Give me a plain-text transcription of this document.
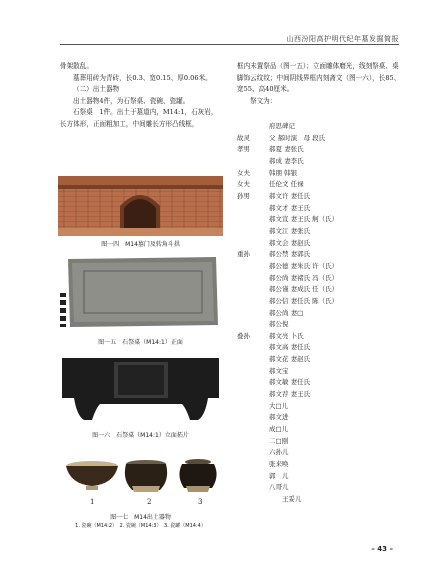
山西汾阳高护明代纪年墓发掘简报

骨架散乱。

墓葬用砖为青砖，长0.3、宽0.15、厚0.06米。

（二）出土器物

出土器物4件，为石祭桌、瓷碗、瓷罐。

石祭桌　1件。出土于墓道内，M14:1，石灰岩，长方体形，正面粗加工，中间雕长方形凸线框，

图一四　M14墓门及转角斗拱
图一五　石祭桌（M14:1）正面
图一六　石祭桌（M14:1）立面拓片
1	2	3
图一七　M14出土器物
1. 瓷碗（M14:2）　2. 瓷碗（M14:3）　3. 瓷罐（M14:4）

框内未置祭品（图一五）；立面雕体磨光，线刻祭桌、桌脚饰云纹纹；中间阴线界框内刻斋文（图一六），长85、宽55、高40厘米。

祭文为：

府思碑记
故灵	父 郝时演　母 段氏
孝男	郝夏 妻张氏
郝成 妻李氏
女夫	韩朋 韩银
女夫	任伦文 任禄
孙男	郝文许 妻任氏
郝文才 妻王氏
郝文宣 妻王氏 舸（氏）
郝文江 妻张氏
郝文会 妻赵氏
重孙	郝公禁 妻郭氏
郝公德 妻朱氏 许（氏）
郝公尚 妻褚氏 冯（氏）
郝公谨 妻成氏 任（氏）
郝公信 妻任氏 陈（氏）
郝公尚 妻□
郝公倪
叠孙	郝文亮 卜氏
郝文高 妻任氏
郝文花 妻赵氏
郝文宝
郝文敏 妻任氏
郝文荐 妻王氏
大□儿
郝文进
成□儿
二□刚
六孙儿
张来唤
郭　儿
八哥儿
　　王妥儿
– 43 –
